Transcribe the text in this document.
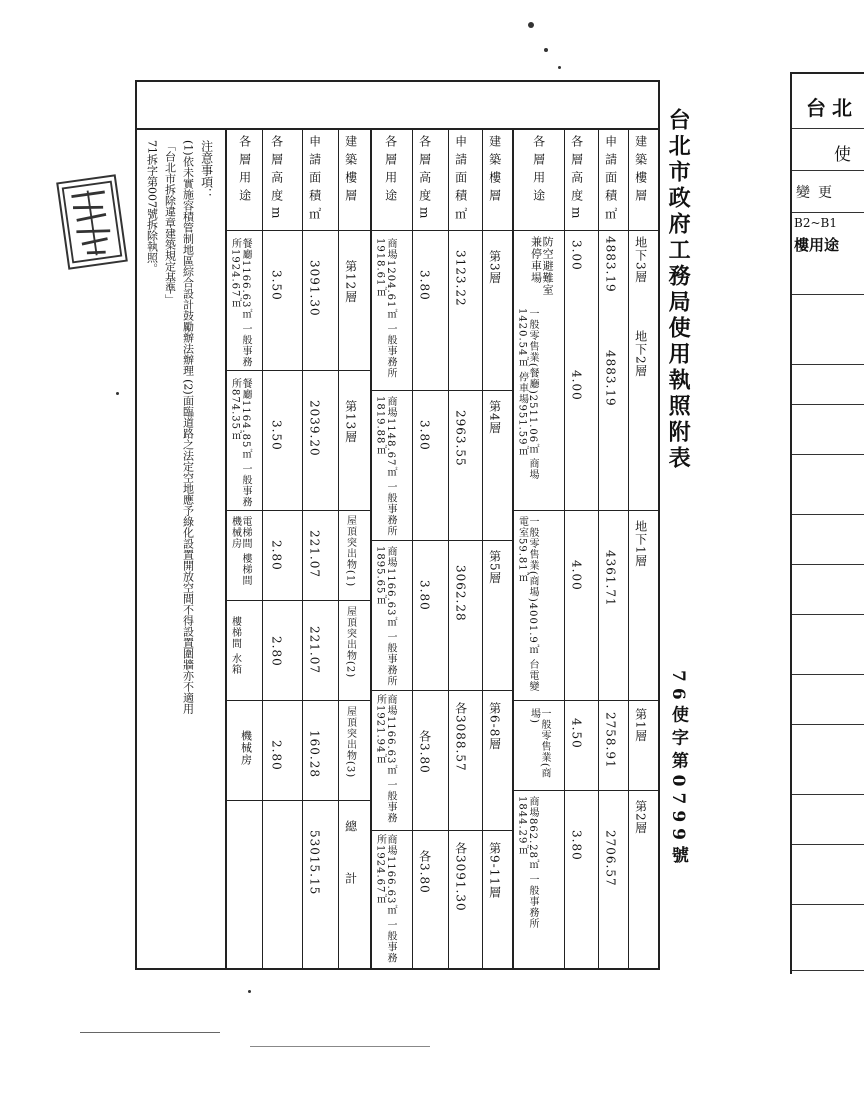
台北市政府工務局使用執照附表
76使字第0799號
建築樓層
申請面積㎡
各層高度m
各層用途
地下3層
4883.19
3.00
防空避難室兼停車場
地下2層
4883.19
4.00
一般零售業(餐廳)2511.06㎡ 商場1420.54㎡ 停車場951.59㎡
地下1層
4361.71
4.00
一般零售業(商場)4001.9㎡ 台電變電室59.81㎡
第1層
2758.91
4.50
一般零售業(商場)
第2層
2706.57
3.80
商場862.28㎡ 一般事務所1844.29㎡
建築樓層
申請面積㎡
各層高度m
各層用途
第3層
3123.22
3.80
商場1204.61㎡ 一般事務所1918.61㎡
第4層
2963.55
3.80
商場1148.67㎡ 一般事務所1819.88㎡
第5層
3062.28
3.80
商場1166.63㎡ 一般事務所1895.65㎡
第6-8層
各3088.57
各3.80
商場1166.63㎡ 一般事務所1921.94㎡
第9-11層
各3091.30
各3.80
商場1166.63㎡ 一般事務所1924.67㎡
建築樓層
申請面積㎡
各層高度m
各層用途
第12層
3091.30
3.50
餐廳1166.63㎡ 一般事務所1924.67㎡
第13層
2039.20
3.50
餐廳1164.85㎡ 一般事務所874.35㎡
屋頂突出物(1)
221.07
2.80
電梯間 樓梯間 機械房
屋頂突出物(2)
221.07
2.80
樓梯間 水箱
屋頂突出物(3)
160.28
2.80
機械房
總計
53015.15
注意事項：
(1)依未實施容積管制地區綜合設計鼓勵辦法辦理 (2)面臨道路之法定空地應予綠化設置開放空間不得設置圍牆亦不適用
「台北市拆除違章建築規定基準」
71拆字第007號拆除執照。
台北
使
變更
B2~B1
樓用途
